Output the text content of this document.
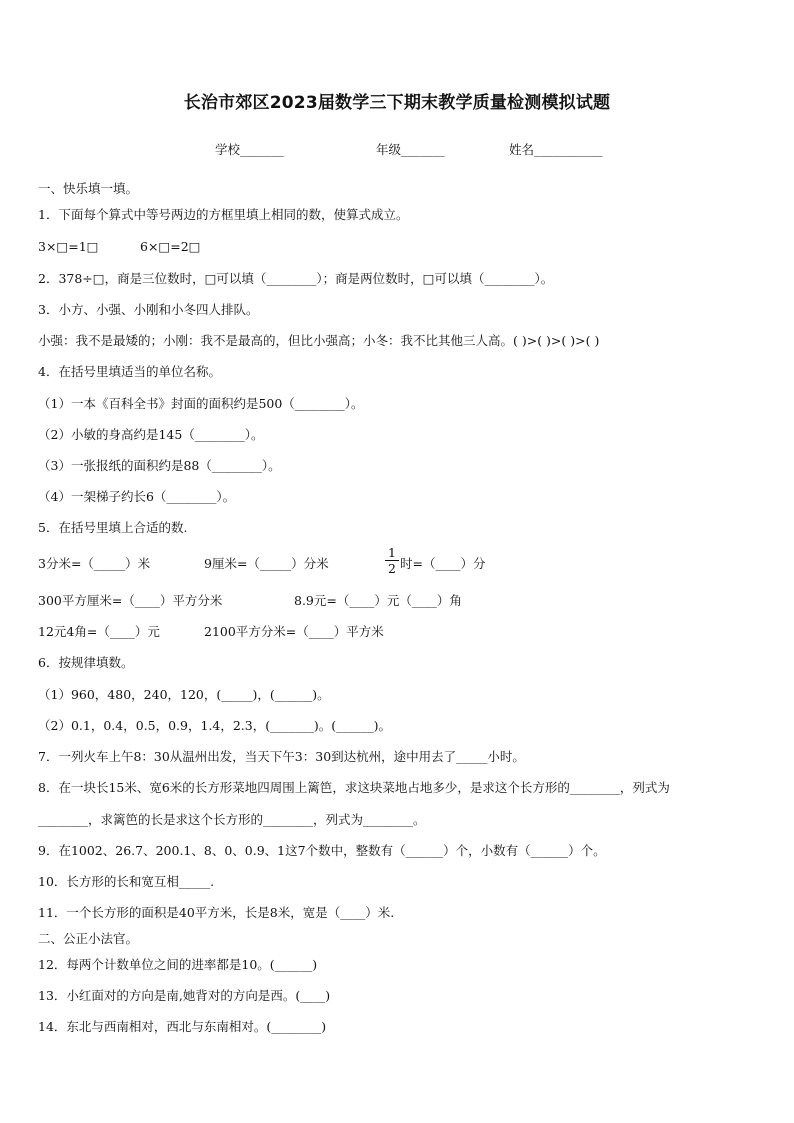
长治市郊区2023届数学三下期末教学质量检测模拟试题
学校_______	年级_______	姓名___________
一、快乐填一填。
1．下面每个算式中等号两边的方框里填上相同的数，使算式成立。
3×□=1□	6×□=2□
2．378÷□，商是三位数时，□可以填（________）；商是两位数时，□可以填（________）。
3．小方、小强、小刚和小冬四人排队。
小强：我不是最矮的；小刚：我不是最高的，但比小强高；小冬：我不比其他三人高。( )>( )>( )>( )
4．在括号里填适当的单位名称。
（1）一本《百科全书》封面的面积约是500（________）。
（2）小敏的身高约是145（________）。
（3）一张报纸的面积约是88（________）。
（4）一架梯子约长6（________）。
5．在括号里填上合适的数.
3分米=（_____）米	9厘米=（_____）分米	$\frac{1}{2}$ 时=（____）分
300平方厘米=（____）平方分米	8.9元=（____）元（____）角
12元4角=（____）元	2100平方分米=（____）平方米
6．按规律填数。
（1）960，480，240，120，(_____)，(______)。
（2）0.1，0.4，0.5，0.9，1.4，2.3，(_______)。(______)。
7．一列火车上午8：30从温州出发，当天下午3：30到达杭州，途中用去了_____小时。
8．在一块长15米、宽6米的长方形菜地四周围上篱笆，求这块菜地占地多少，是求这个长方形的________，列式为
________，求篱笆的长是求这个长方形的________，列式为________。
9．在1002、26.7、200.1、8、0、0.9、1这7个数中，整数有（______）个，小数有（______）个。
10．长方形的长和宽互相_____.
11．一个长方形的面积是40平方米，长是8米，宽是（____）米.
二、公正小法官。
12．每两个计数单位之间的进率都是10。(______)
13．小红面对的方向是南,她背对的方向是西。(____)
14．东北与西南相对，西北与东南相对。(________)
